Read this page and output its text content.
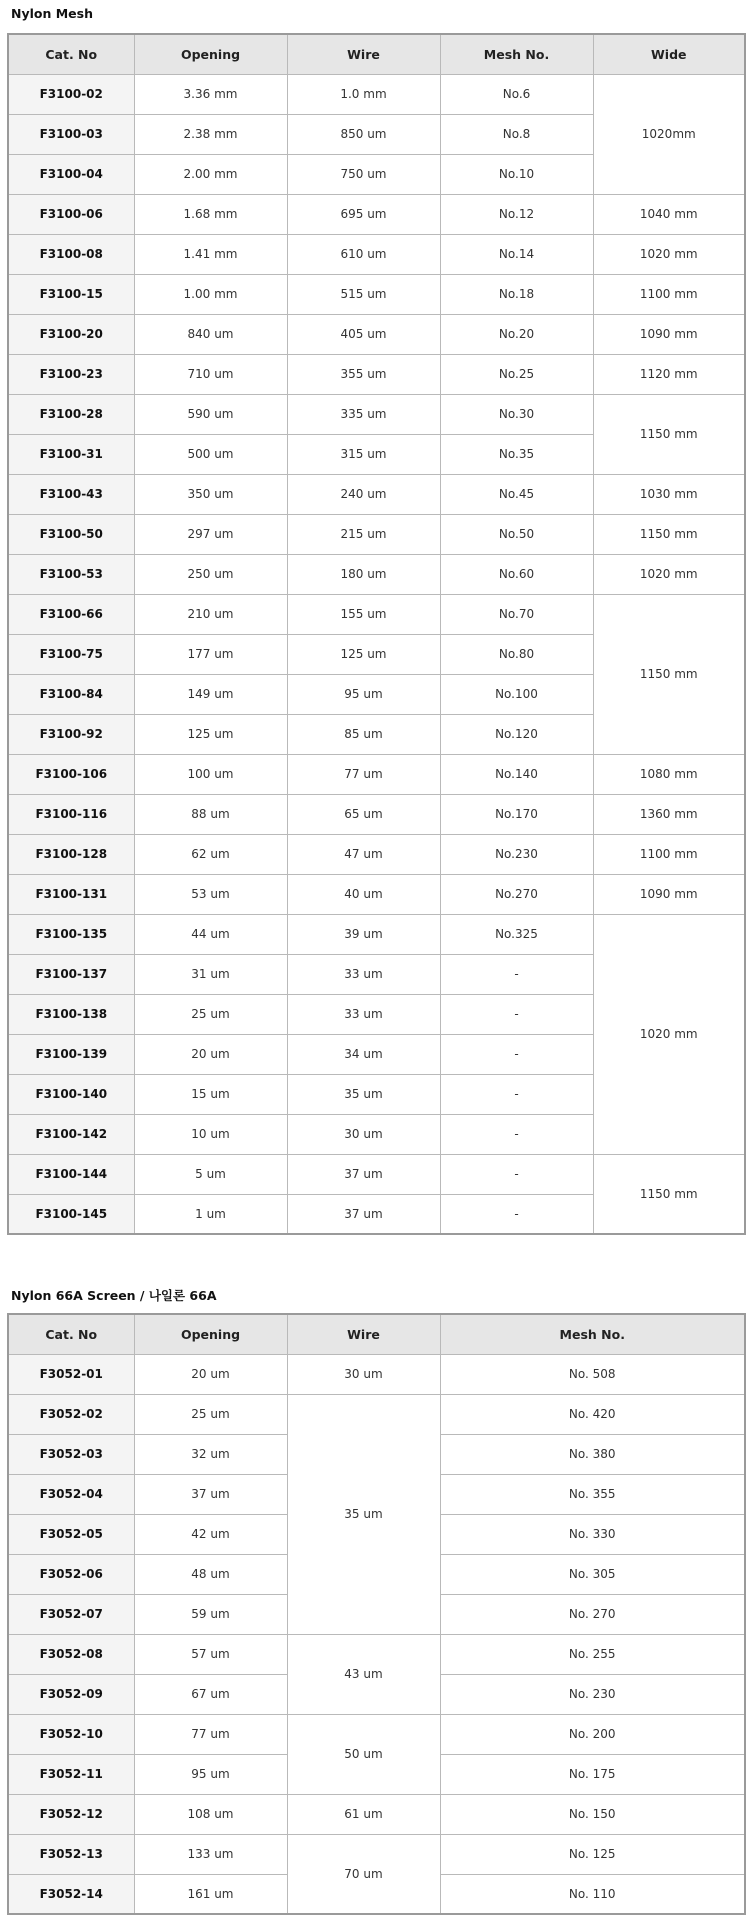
Nylon Mesh
Cat. No	Opening	Wire	Mesh No.	Wide
F3100-02	3.36 mm	1.0 mm	No.6	1020mm
F3100-03	2.38 mm	850 um	No.8	
F3100-04	2.00 mm	750 um	No.10	
F3100-06	1.68 mm	695 um	No.12	1040 mm
F3100-08	1.41 mm	610 um	No.14	1020 mm
F3100-15	1.00 mm	515 um	No.18	1100 mm
F3100-20	840 um	405 um	No.20	1090 mm
F3100-23	710 um	355 um	No.25	1120 mm
F3100-28	590 um	335 um	No.30	1150 mm
F3100-31	500 um	315 um	No.35	
F3100-43	350 um	240 um	No.45	1030 mm
F3100-50	297 um	215 um	No.50	1150 mm
F3100-53	250 um	180 um	No.60	1020 mm
F3100-66	210 um	155 um	No.70	1150 mm
F3100-75	177 um	125 um	No.80	
F3100-84	149 um	95 um	No.100	
F3100-92	125 um	85 um	No.120	
F3100-106	100 um	77 um	No.140	1080 mm
F3100-116	88 um	65 um	No.170	1360 mm
F3100-128	62 um	47 um	No.230	1100 mm
F3100-131	53 um	40 um	No.270	1090 mm
F3100-135	44 um	39 um	No.325	1020 mm
F3100-137	31 um	33 um	-	
F3100-138	25 um	33 um	-	
F3100-139	20 um	34 um	-	
F3100-140	15 um	35 um	-	
F3100-142	10 um	30 um	-	
F3100-144	5 um	37 um	-	1150 mm
F3100-145	1 um	37 um	-	
Nylon 66A Screen / 나일론 66A
Cat. No	Opening	Wire	Mesh No.
F3052-01	20 um	30 um	No. 508
F3052-02	25 um	35 um	No. 420
F3052-03	32 um		No. 380
F3052-04	37 um		No. 355
F3052-05	42 um		No. 330
F3052-06	48 um		No. 305
F3052-07	59 um		No. 270
F3052-08	57 um	43 um	No. 255
F3052-09	67 um		No. 230
F3052-10	77 um	50 um	No. 200
F3052-11	95 um		No. 175
F3052-12	108 um	61 um	No. 150
F3052-13	133 um	70 um	No. 125
F3052-14	161 um		No. 110
